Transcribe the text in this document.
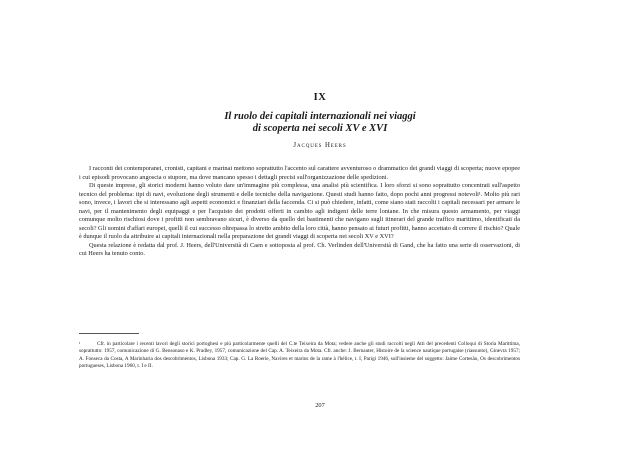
IX
Il ruolo dei capitali internazionali nei viaggi
di scoperta nei secoli XV e XVI
Jacques Heers

I racconti dei contemporanei, cronisti, capitani e marinai mettono soprattutto l'accento sul carattere avventuroso o drammatico dei grandi viaggi di scoperta; nuove epopee i cui episodi provocano angoscia o stupore, ma dove mancano spesso i dettagli precisi sull'organizzazione delle spedizioni.

Di queste imprese, gli storici moderni hanno voluto dare un'immagine più complessa, una analisi più scientifica. I loro sforzi si sono soprattutto concentrati sull'aspetto tecnico del problema: tipi di navi, evoluzione degli strumenti e delle tecniche della navigazione. Questi studi hanno fatto, dopo pochi anni progressi notevoli¹. Molto più rari sono, invece, i lavori che si interessano agli aspetti economici e finanziari della faccenda. Ci si può chiedere, infatti, come siano stati raccolti i capitali necessari per armare le navi, per il mantenimento degli equipaggi e per l'acquisto dei prodotti offerti in cambio agli indigeni delle terre lontane. In che misura questo armamento, per viaggi comunque molto rischiosi dove i profitti non sembravano sicuri, è diverso da quello dei bastimenti che navigano sugli itinerari del grande traffico marittimo, identificati da secoli? Gli uomini d'affari europei, quelli il cui successo oltrepassa lo stretto ambito della loro città, hanno pensato ai futuri profitti, hanno accettato di correre il rischio? Quale è dunque il ruolo da attribuire ai capitali internazionali nella preparazione dei grandi viaggi di scoperta nei secoli XV e XVI?

Questa relazione è redatta dal prof. J. Heers, dell'Università di Caen e sottoposta al prof. Ch. Verlinden dell'Università di Gand, che ha fatto una serie di osservazioni, di cui Heers ha tenuto conto.

¹	Cfr. in particolare i recenti lavori degli storici portoghesi e più particolarmente quelli del C.te Teixeira da Mota; vedere anche gli studi raccolti negli Atti del precedenti Colloqui di Storia Marittima, soprattutto: 1957, comunicazione di G. Bensonaso e K. Pradley, 1957, comunicazione del Cap. A. Teixeira da Mota. Cfr. anche: J. Bernauter, Histoire de la science nautique portugaise (riassunto), Ginevra 1957; A. Fonseca da Costa, A Marinharia dos descobrimentos, Lisbona 1933; Cap. G. La Roerie, Navires et marins de la rame à l'hélice, t. I, Parigi 1946, sull'insieme del soggetto: Jaime Cortesão, Os descobrimentos portugueses, Lisbona 1960, t. I e II.
207
